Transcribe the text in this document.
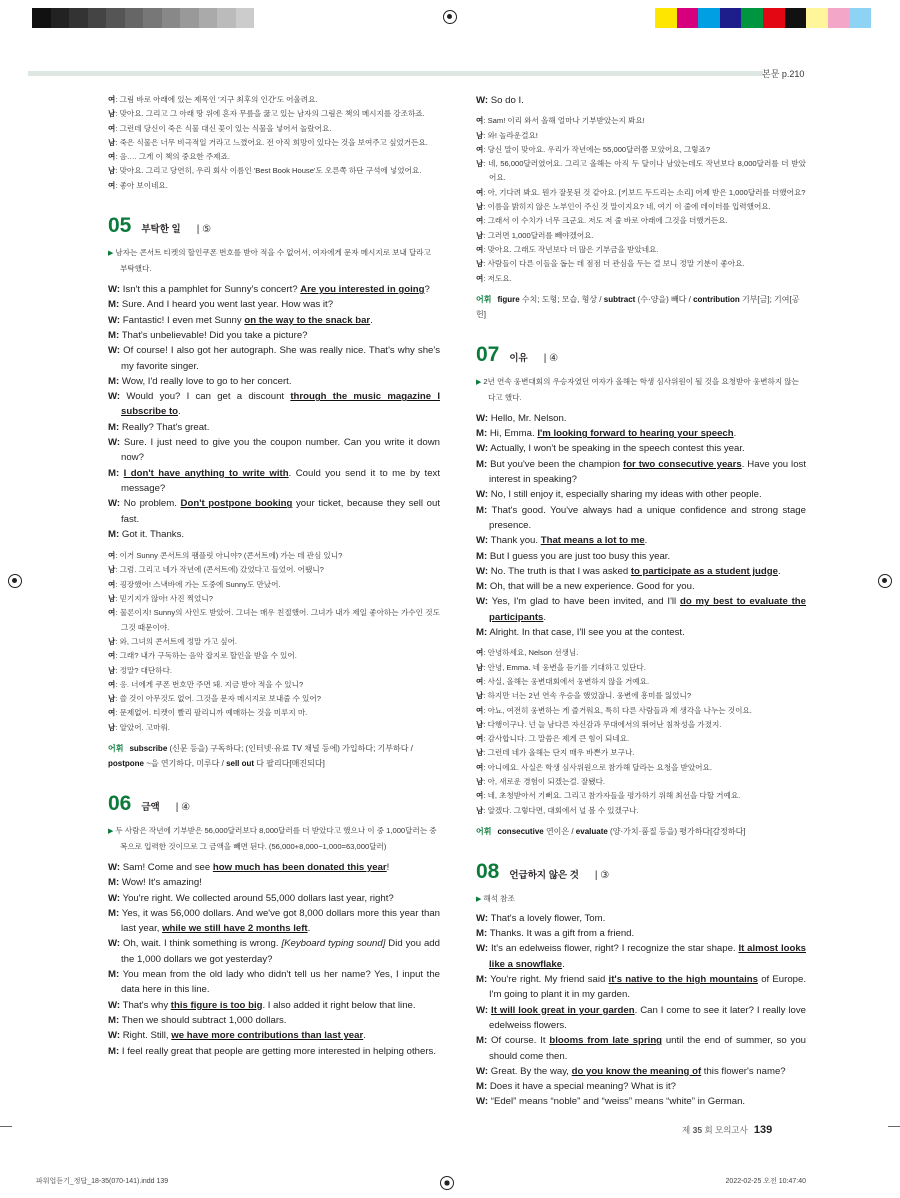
본문 p.210
여: 그림 바로 아래에 있는 제목인 '지구 최후의 인간'도 어울려요.
남: 맞아요. 그리고 그 아래 땅 위에 혼자 무릎을 꿇고 있는 남자의 그림은 책의 메시지를 강조하죠.
여: 그런데 당신이 죽은 식물 대신 꽃이 있는 식물을 넣어서 놀랐어요.
남: 죽은 식물은 너무 비극적일 거라고 느꼈어요. 전 아직 희망이 있다는 것을 보여주고 싶었거든요.
여: 음…. 그게 이 책의 중요한 주제죠.
남: 맞아요. 그리고 당연히, 우리 회사 이름인 'Best Book House'도 오른쪽 하단 구석에 넣었어요.
여: 좋아 보이네요.
05 부탁한 일 | ⑤
▶ 남자는 콘서트 티켓의 할인쿠폰 번호를 받아 적을 수 없어서, 여자에게 문자 메시지로 보내 달라고 부탁했다.
W: Isn't this a pamphlet for Sunny's concert? Are you interested in going?
M: Sure. And I heard you went last year. How was it?
W: Fantastic! I even met Sunny on the way to the snack bar.
M: That's unbelievable! Did you take a picture?
W: Of course! I also got her autograph. She was really nice. That's why she's my favorite singer.
M: Wow, I'd really love to go to her concert.
W: Would you? I can get a discount through the music magazine I subscribe to.
M: Really? That's great.
W: Sure. I just need to give you the coupon number. Can you write it down now?
M: I don't have anything to write with. Could you send it to me by text message?
W: No problem. Don't postpone booking your ticket, because they sell out fast.
M: Got it. Thanks.
여: 이거 Sunny 콘서트의 팸플릿 아니야? (콘서트에) 가는 데 관심 있니?
남: 그럼. 그리고 네가 작년에 (콘서트에) 갔었다고 들었어. 어땠니?
여: 굉장했어! 스낵바에 가는 도중에 Sunny도 만났어.
남: 믿기지가 않아! 사진 찍었니?
여: 물론이지! Sunny의 사인도 받았어. 그녀는 매우 친절했어. 그녀가 내가 제일 좋아하는 가수인 것도 그것 때문이야.
남: 와, 그녀의 콘서트에 정말 가고 싶어.
여: 그래? 내가 구독하는 음악 잡지로 할인을 받을 수 있어.
남: 정말? 대단하다.
여: 응. 너에게 쿠폰 번호만 주면 돼. 지금 받아 적을 수 있니?
남: 쓸 것이 아무것도 없어. 그것을 문자 메시지로 보내줄 수 있어?
여: 문제없어. 티켓이 빨리 팔리니까 예매하는 것을 미루지 마.
남: 알았어. 고마워.
어휘 subscribe (신문 등을) 구독하다; (인터넷·유료 TV 채널 등에) 가입하다; 기부하다 / postpone ~을 연기하다, 미루다 / sell out 다 팔리다[매진되다]
06 금액 | ④
▶ 두 사람은 작년에 기부받은 56,000달러보다 8,000달러를 더 받았다고 했으나 이 중 1,000달러는 중복으로 입력한 것이므로 그 금액을 빼면 된다. (56,000+8,000−1,000=63,000달러)
W: Sam! Come and see how much has been donated this year!
M: Wow! It's amazing!
W: You're right. We collected around 55,000 dollars last year, right?
M: Yes, it was 56,000 dollars. And we've got 8,000 dollars more this year than last year, while we still have 2 months left.
W: Oh, wait. I think something is wrong. [Keyboard typing sound] Did you add the 1,000 dollars we got yesterday?
M: You mean from the old lady who didn't tell us her name? Yes, I input the data here in this line.
W: That's why this figure is too big. I also added it right below that line.
M: Then we should subtract 1,000 dollars.
W: Right. Still, we have more contributions than last year.
M: I feel really great that people are getting more interested in helping others.
W: So do I.
여: Sam! 이리 와서 올해 얼마나 기부받았는지 봐요!
남: 와! 놀라운걸요!
여: 당신 말이 맞아요. 우리가 작년에는 55,000달러쯤 모았어요, 그렇죠?
남: 네, 56,000달러였어요. 그리고 올해는 아직 두 달이나 남았는데도 작년보다 8,000달러를 더 받았어요.
여: 아, 기다려 봐요. 뭔가 잘못된 것 같아요. [키보드 두드리는 소리] 어제 받은 1,000달러를 더했어요?
남: 이름을 밝히지 않은 노부인이 주신 것 말이지요? 네, 여기 이 줄에 데이터를 입력했어요.
여: 그래서 이 수치가 너무 크군요. 저도 저 줄 바로 아래에 그것을 더했거든요.
남: 그러면 1,000달러를 빼야겠어요.
여: 맞아요. 그래도 작년보다 더 많은 기부금을 받았네요.
남: 사람들이 다른 이들을 돕는 데 점점 더 관심을 두는 걸 보니 정말 기분이 좋아요.
여: 저도요.
어휘 figure 수치; 도형; 모습, 형상 / subtract (수·양을) 빼다 / contribution 기부[금]; 기여[공헌]
07 이유 | ④
▶ 2년 연속 웅변대회의 우승자였던 여자가 올해는 학생 심사위원이 될 것을 요청받아 웅변하지 않는다고 했다.
W: Hello, Mr. Nelson.
M: Hi, Emma. I'm looking forward to hearing your speech.
W: Actually, I won't be speaking in the speech contest this year.
M: But you've been the champion for two consecutive years. Have you lost interest in speaking?
W: No, I still enjoy it, especially sharing my ideas with other people.
M: That's good. You've always had a unique confidence and strong stage presence.
W: Thank you. That means a lot to me.
M: But I guess you are just too busy this year.
W: No. The truth is that I was asked to participate as a student judge.
M: Oh, that will be a new experience. Good for you.
W: Yes, I'm glad to have been invited, and I'll do my best to evaluate the participants.
M: Alright. In that case, I'll see you at the contest.
여: 안녕하세요, Nelson 선생님.
남: 안녕, Emma. 네 웅변을 듣기를 기대하고 있단다.
여: 사실, 올해는 웅변대회에서 웅변하지 않을 거예요.
남: 하지만 너는 2년 연속 우승을 했었잖니. 웅변에 흥미를 잃었니?
여: 아뇨, 여전히 웅변하는 게 즐거워요, 특히 다른 사람들과 제 생각을 나누는 것이요.
남: 다행이구나. 넌 늘 남다른 자신감과 무대에서의 뛰어난 침착성을 가졌지.
여: 감사합니다. 그 말씀은 제게 큰 힘이 되네요.
남: 그런데 네가 올해는 단지 매우 바쁜가 보구나.
여: 아니에요. 사실은 학생 심사위원으로 참가해 달라는 요청을 받았어요.
남: 아, 새로운 경험이 되겠는걸. 잘됐다.
여: 네, 초청받아서 기뻐요. 그리고 참가자들을 평가하기 위해 최선을 다할 거예요.
남: 알겠다. 그렇다면, 대회에서 널 볼 수 있겠구나.
어휘 consecutive 연이은 / evaluate (양·가치·품질 등을) 평가하다[감정하다]
08 언급하지 않은 것 | ③
▶ 해석 참조
W: That's a lovely flower, Tom.
M: Thanks. It was a gift from a friend.
W: It's an edelweiss flower, right? I recognize the star shape. It almost looks like a snowflake.
M: You're right. My friend said it's native to the high mountains of Europe. I'm going to plant it in my garden.
W: It will look great in your garden. Can I come to see it later? I really love edelweiss flowers.
M: Of course. It blooms from late spring until the end of summer, so you should come then.
W: Great. By the way, do you know the meaning of this flower's name?
M: Does it have a special meaning? What is it?
W: “Edel” means “noble” and “weiss” means “white” in German.
제 35 회 모의고사 139
파워업듣기_정답_18-35(070-141).indd 139	2022-02-25 오전 10:47:40
